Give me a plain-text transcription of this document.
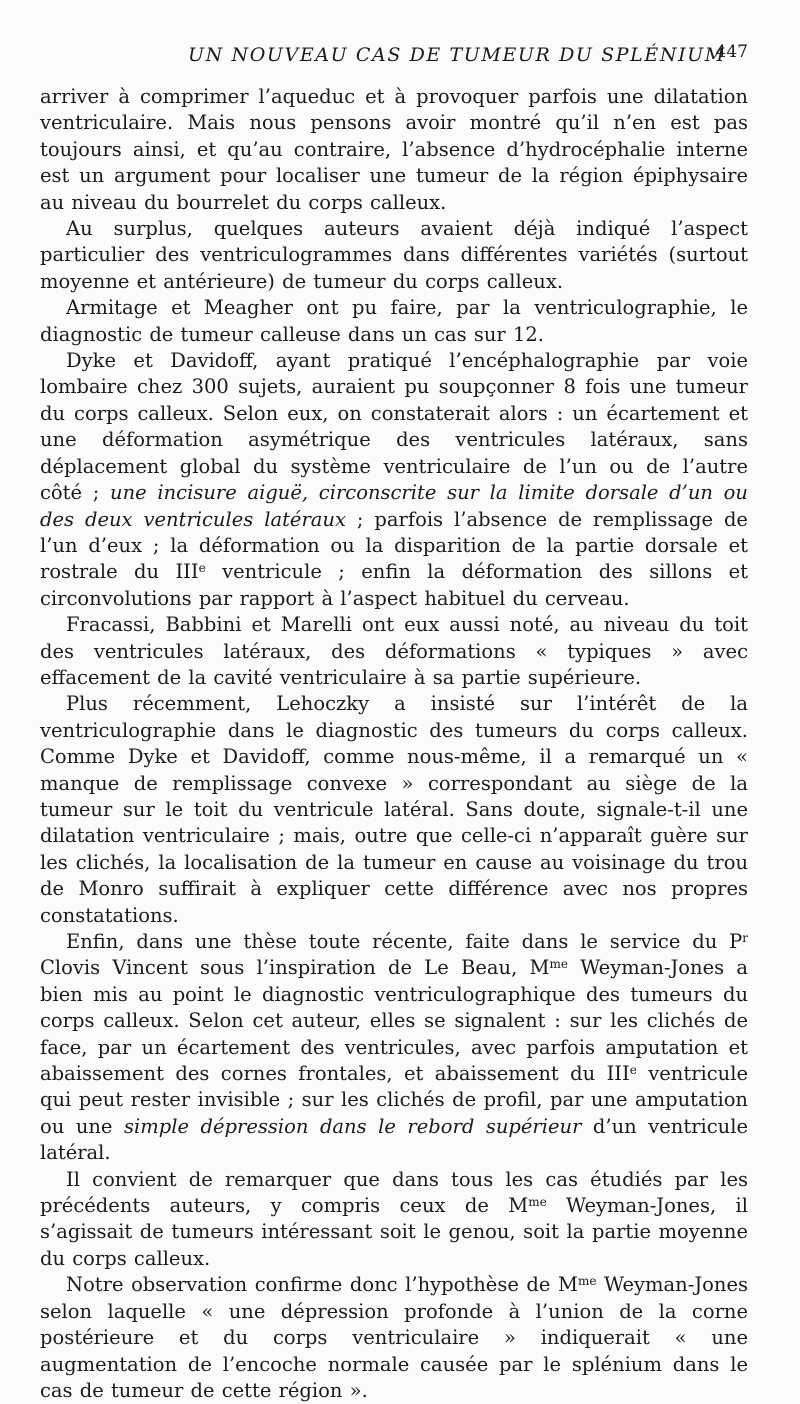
UN NOUVEAU CAS DE TUMEUR DU SPLÉNIUM
447

arriver à comprimer l’aqueduc et à provoquer parfois une dilatation ventriculaire. Mais nous pensons avoir montré qu’il n’en est pas toujours ainsi, et qu’au contraire, l’absence d’hydrocéphalie interne est un argument pour localiser une tumeur de la région épiphysaire au niveau du bourrelet du corps calleux.

Au surplus, quelques auteurs avaient déjà indiqué l’aspect particulier des ventriculogrammes dans différentes variétés (surtout moyenne et antérieure) de tumeur du corps calleux.

Armitage et Meagher ont pu faire, par la ventriculographie, le diagnostic de tumeur calleuse dans un cas sur 12.

Dyke et Davidoff, ayant pratiqué l’encéphalographie par voie lombaire chez 300 sujets, auraient pu soupçonner 8 fois une tumeur du corps calleux. Selon eux, on constaterait alors : un écartement et une déformation asymétrique des ventricules latéraux, sans déplacement global du système ventriculaire de l’un ou de l’autre côté ; une incisure aiguë, circonscrite sur la limite dorsale d’un ou des deux ventricules latéraux ; parfois l’absence de remplissage de l’un d’eux ; la déformation ou la disparition de la partie dorsale et rostrale du IIIe ventricule ; enfin la déformation des sillons et circonvolutions par rapport à l’aspect habituel du cerveau.

Fracassi, Babbini et Marelli ont eux aussi noté, au niveau du toit des ventricules latéraux, des déformations « typiques » avec effacement de la cavité ventriculaire à sa partie supérieure.

Plus récemment, Lehoczky a insisté sur l’intérêt de la ventriculographie dans le diagnostic des tumeurs du corps calleux. Comme Dyke et Davidoff, comme nous-même, il a remarqué un « manque de remplissage convexe » correspondant au siège de la tumeur sur le toit du ventricule latéral. Sans doute, signale-t-il une dilatation ventriculaire ; mais, outre que celle-ci n’apparaît guère sur les clichés, la localisation de la tumeur en cause au voisinage du trou de Monro suffirait à expliquer cette différence avec nos propres constatations.

Enfin, dans une thèse toute récente, faite dans le service du $P^r$ Clovis Vincent sous l’inspiration de Le Beau, $M^{me}$ Weyman-Jones a bien mis au point le diagnostic ventriculographique des tumeurs du corps calleux. Selon cet auteur, elles se signalent : sur les clichés de face, par un écartement des ventricules, avec parfois amputation et abaissement des cornes frontales, et abaissement du IIIe ventricule qui peut rester invisible ; sur les clichés de profil, par une amputation ou une simple dépression dans le rebord supérieur d’un ventricule latéral.

Il convient de remarquer que dans tous les cas étudiés par les précédents auteurs, y compris ceux de $M^{me}$ Weyman-Jones, il s’agissait de tumeurs intéressant soit le genou, soit la partie moyenne du corps calleux.

Notre observation confirme donc l’hypothèse de $M^{me}$ Weyman-Jones selon laquelle « une dépression profonde à l’union de la corne postérieure et du corps ventriculaire » indiquerait « une augmentation de l’encoche normale causée par le splénium dans le cas de tumeur de cette région ».
